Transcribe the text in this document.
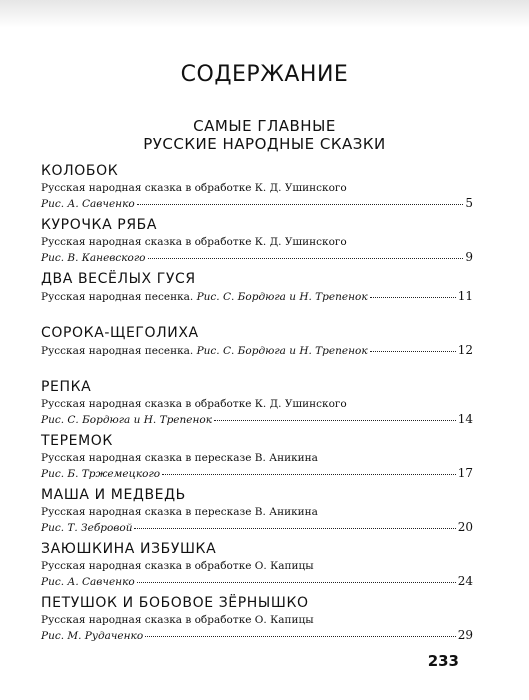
СОДЕРЖАНИЕ
САМЫЕ ГЛАВНЫЕ
РУССКИЕ НАРОДНЫЕ СКАЗКИ
КОЛОБОК
Русская народная сказка в обработке К. Д. Ушинского
Рис. А. Савченко	5
КУРОЧКА РЯБА
Русская народная сказка в обработке К. Д. Ушинского
Рис. В. Каневского	9
ДВА ВЕСЁЛЫХ ГУСЯ
Русская народная песенка.
Рис. С. Бордюга и Н. Трепенок	11
СОРОКА-ЩЕГОЛИХА
Русская народная песенка.
Рис. С. Бордюга и Н. Трепенок	12
РЕПКА
Русская народная сказка в обработке К. Д. Ушинского
Рис. С. Бордюга и Н. Трепенок	14
ТЕРЕМОК
Русская народная сказка в пересказе В. Аникина
Рис. Б. Тржемецкого	17
МАША И МЕДВЕДЬ
Русская народная сказка в пересказе В. Аникина
Рис. Т. Зебровой	20
ЗАЮШКИНА ИЗБУШКА
Русская народная сказка в обработке О. Капицы
Рис. А. Савченко	24
ПЕТУШОК И БОБОВОЕ ЗЁРНЫШКО
Русская народная сказка в обработке О. Капицы
Рис. М. Рудаченко	29
233
